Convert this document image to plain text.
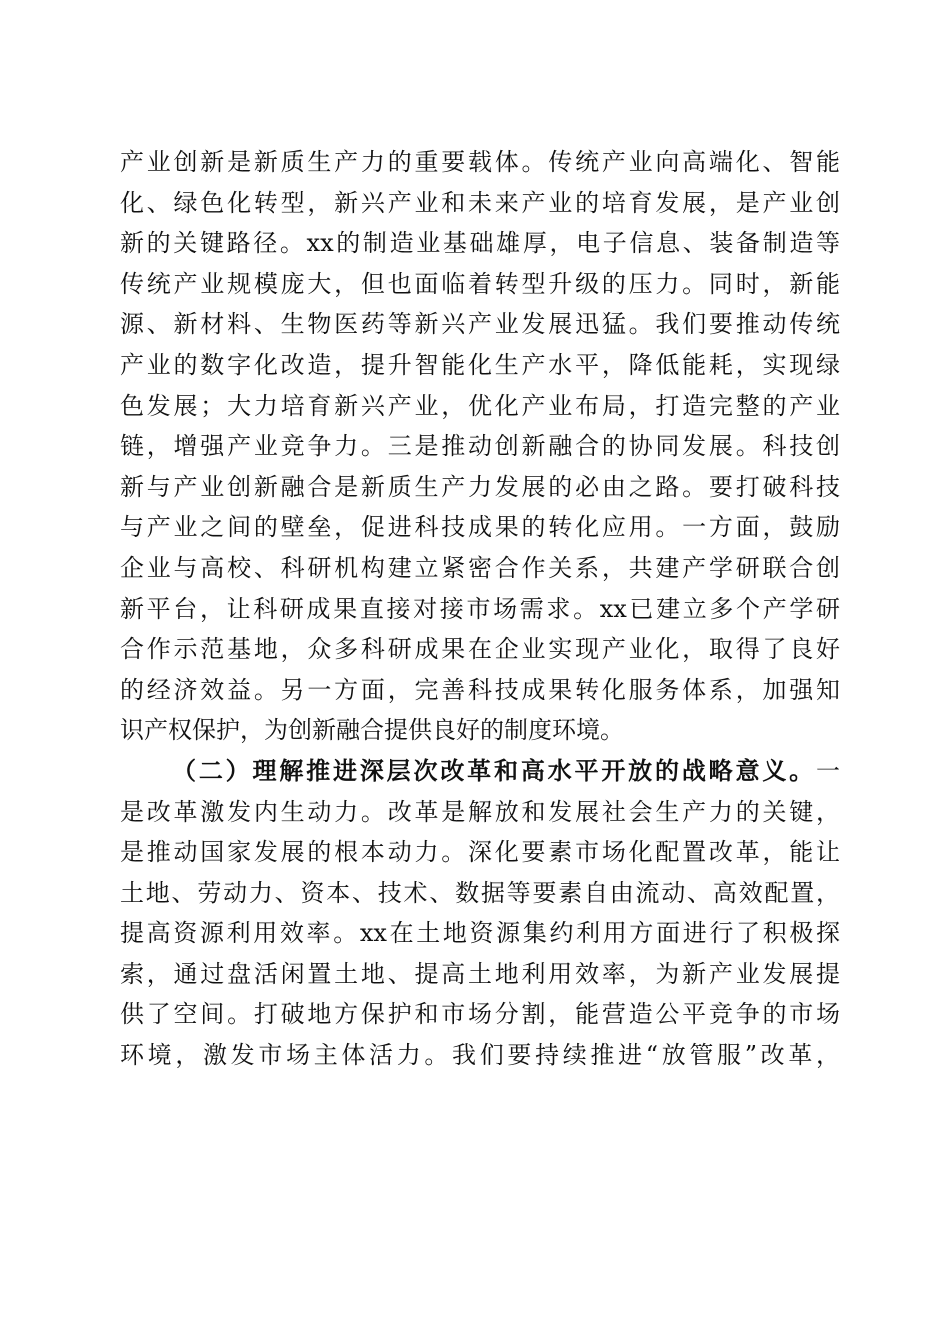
产业创新是新质生产力的重要载体。传统产业向高端化、智能
化、绿色化转型，新兴产业和未来产业的培育发展，是产业创
新的关键路径。xx的制造业基础雄厚，电子信息、装备制造等
传统产业规模庞大，但也面临着转型升级的压力。同时，新能
源、新材料、生物医药等新兴产业发展迅猛。我们要推动传统
产业的数字化改造，提升智能化生产水平，降低能耗，实现绿
色发展；大力培育新兴产业，优化产业布局，打造完整的产业
链，增强产业竞争力。三是推动创新融合的协同发展。科技创
新与产业创新融合是新质生产力发展的必由之路。要打破科技
与产业之间的壁垒，促进科技成果的转化应用。一方面，鼓励
企业与高校、科研机构建立紧密合作关系，共建产学研联合创
新平台，让科研成果直接对接市场需求。xx已建立多个产学研
合作示范基地，众多科研成果在企业实现产业化，取得了良好
的经济效益。另一方面，完善科技成果转化服务体系，加强知
识产权保护，为创新融合提供良好的制度环境。
（二）理解推进深层次改革和高水平开放的战略意义。一
是改革激发内生动力。改革是解放和发展社会生产力的关键，
是推动国家发展的根本动力。深化要素市场化配置改革，能让
土地、劳动力、资本、技术、数据等要素自由流动、高效配置，
提高资源利用效率。xx在土地资源集约利用方面进行了积极探
索，通过盘活闲置土地、提高土地利用效率，为新产业发展提
供了空间。打破地方保护和市场分割，能营造公平竞争的市场
环境，激发市场主体活力。我们要持续推进“放管服”改革，
